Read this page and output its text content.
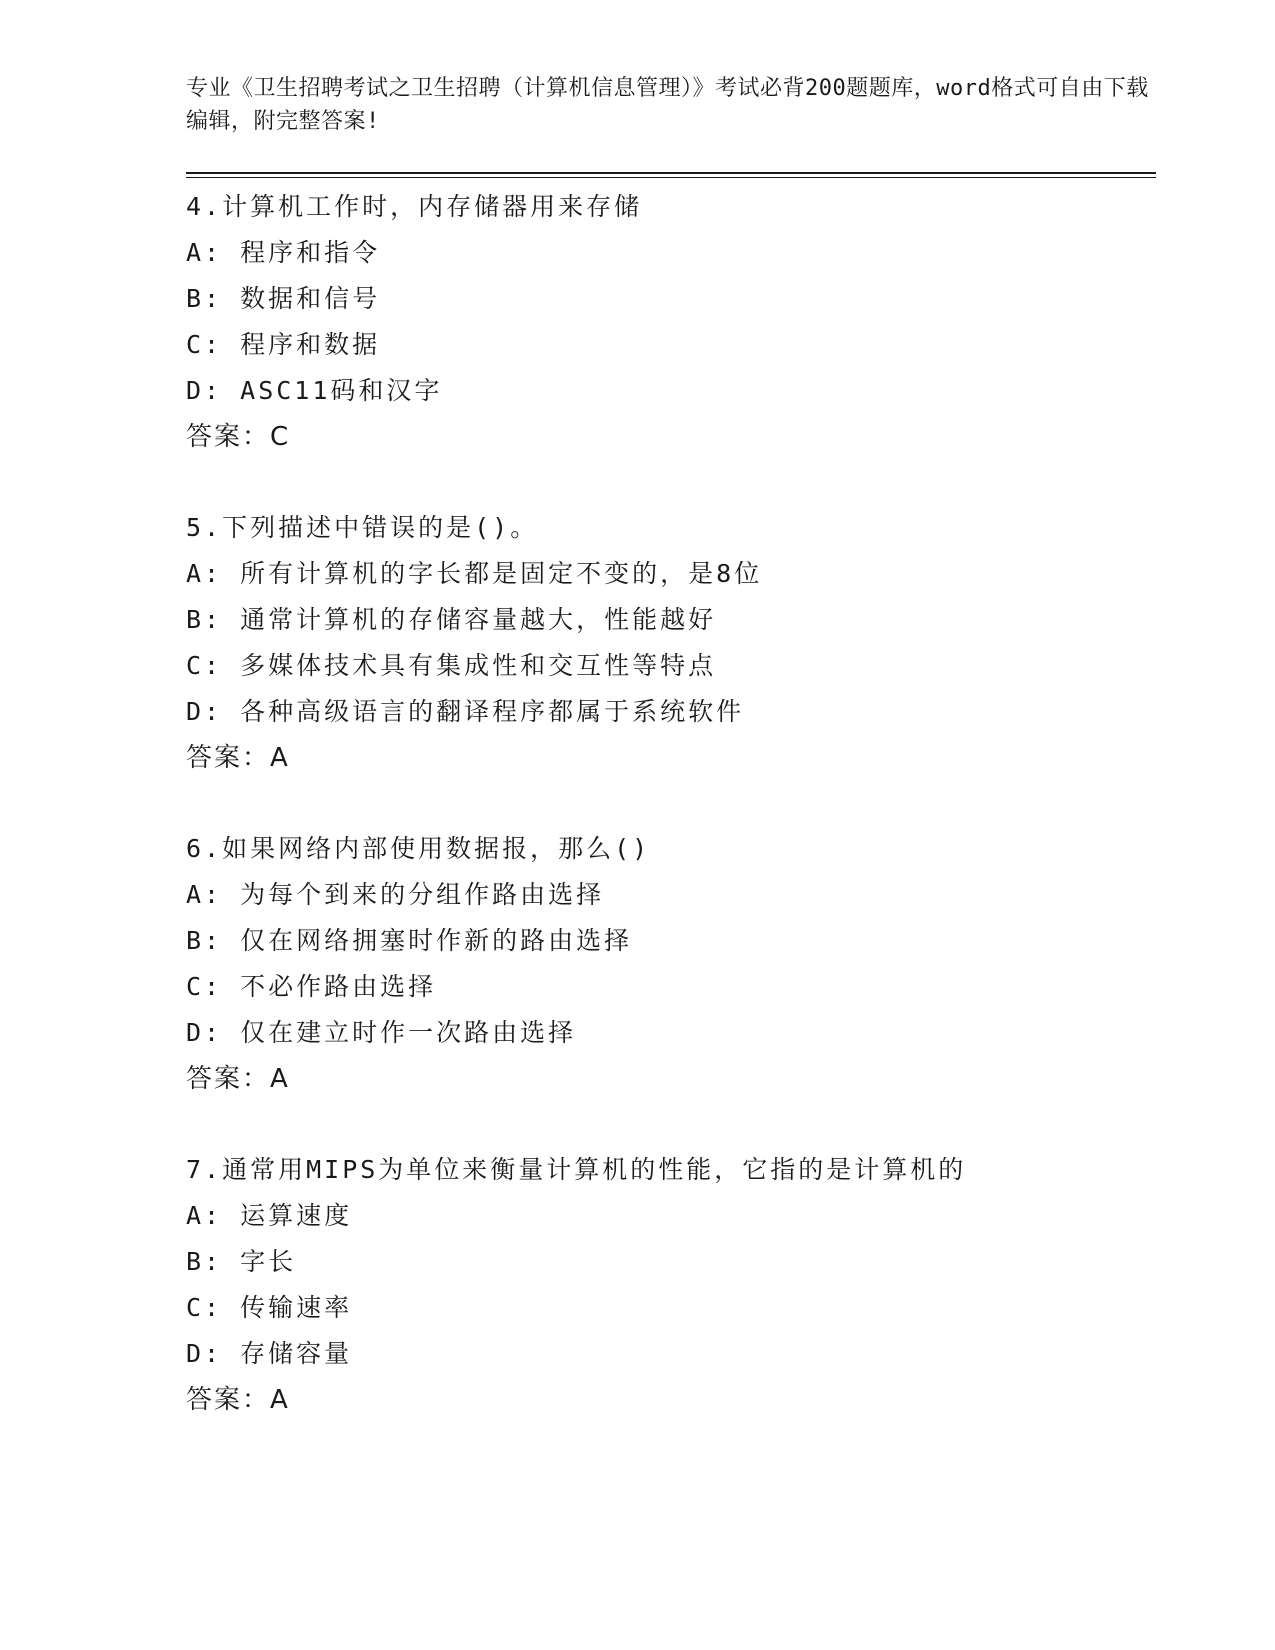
专业《卫生招聘考试之卫生招聘（计算机信息管理）》考试必背200题题库，word格式可自由下载编辑，附完整答案!

4.计算机工作时，内存储器用来存储
A: 程序和指令
B: 数据和信号
C: 程序和数据
D: ASC11码和汉字
答案：C
5.下列描述中错误的是()。
A: 所有计算机的字长都是固定不变的，是8位
B: 通常计算机的存储容量越大，性能越好
C: 多媒体技术具有集成性和交互性等特点
D: 各种高级语言的翻译程序都属于系统软件
答案：A
6.如果网络内部使用数据报，那么()
A: 为每个到来的分组作路由选择
B: 仅在网络拥塞时作新的路由选择
C: 不必作路由选择
D: 仅在建立时作一次路由选择
答案：A
7.通常用MIPS为单位来衡量计算机的性能，它指的是计算机的
A: 运算速度
B: 字长
C: 传输速率
D: 存储容量
答案：A
